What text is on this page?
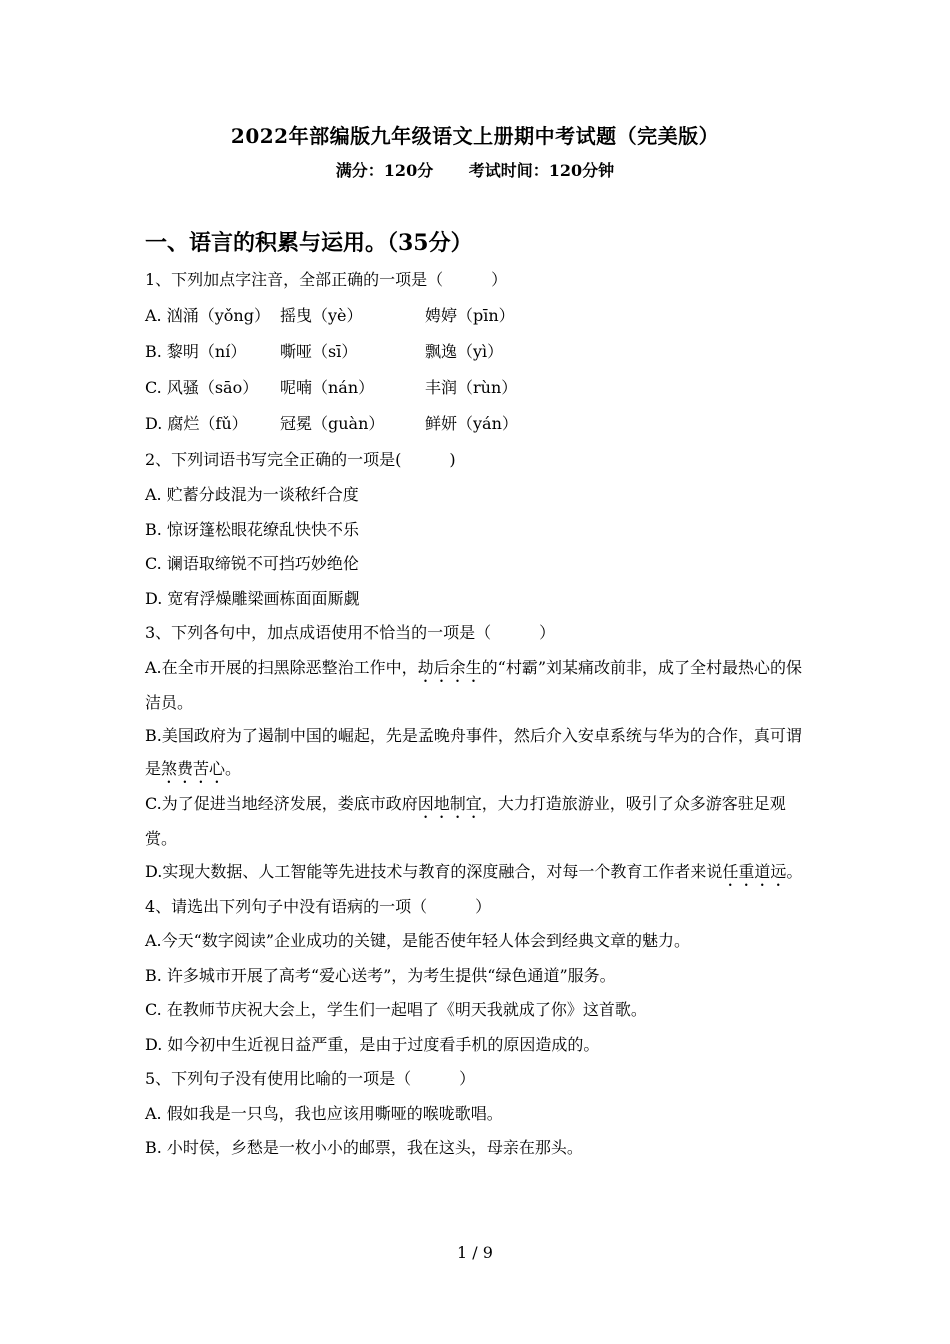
2022年部编版九年级语文上册期中考试题（完美版）
满分：120分 考试时间：120分钟
一、语言的积累与运用。（35分）
1、下列加点字注音，全部正确的一项是（　　　）
A. 汹涌（yǒng） 摇曳（yè）	娉婷（pīn）
B. 黎明（ní） 嘶哑（sī）	飘逸（yì）
C. 风骚（sāo） 呢喃（nán）	丰润（rùn）
D. 腐烂（fǔ） 冠冕（guàn）	鲜妍（yán）
2、下列词语书写完全正确的一项是(　　　)
A. 贮蓄分歧混为一谈秾纤合度
B. 惊讶篷松眼花缭乱快快不乐
C. 谰语取缔锐不可挡巧妙绝伦
D. 宽宥浮燥雕梁画栋面面厮觑
3、下列各句中，加点成语使用不恰当的一项是（　　　）
A.在全市开展的扫黑除恶整治工作中，劫后余生的“村霸”刘某痛改前非，成了全村最热心的保洁员。
B.美国政府为了遏制中国的崛起，先是孟晚舟事件，然后介入安卓系统与华为的合作，真可谓是煞费苦心。
C.为了促进当地经济发展，娄底市政府因地制宜，大力打造旅游业，吸引了众多游客驻足观赏。
D.实现大数据、人工智能等先进技术与教育的深度融合，对每一个教育工作者来说任重道远。
4、请选出下列句子中没有语病的一项（　　　）
A.今天“数字阅读”企业成功的关键，是能否使年轻人体会到经典文章的魅力。
B. 许多城市开展了高考“爱心送考”，为考生提供“绿色通道”服务。
C. 在教师节庆祝大会上，学生们一起唱了《明天我就成了你》这首歌。
D. 如今初中生近视日益严重，是由于过度看手机的原因造成的。
5、下列句子没有使用比喻的一项是（　　　）
A. 假如我是一只鸟，我也应该用嘶哑的喉咙歌唱。
B. 小时侯，乡愁是一枚小小的邮票，我在这头，母亲在那头。
1 / 9
